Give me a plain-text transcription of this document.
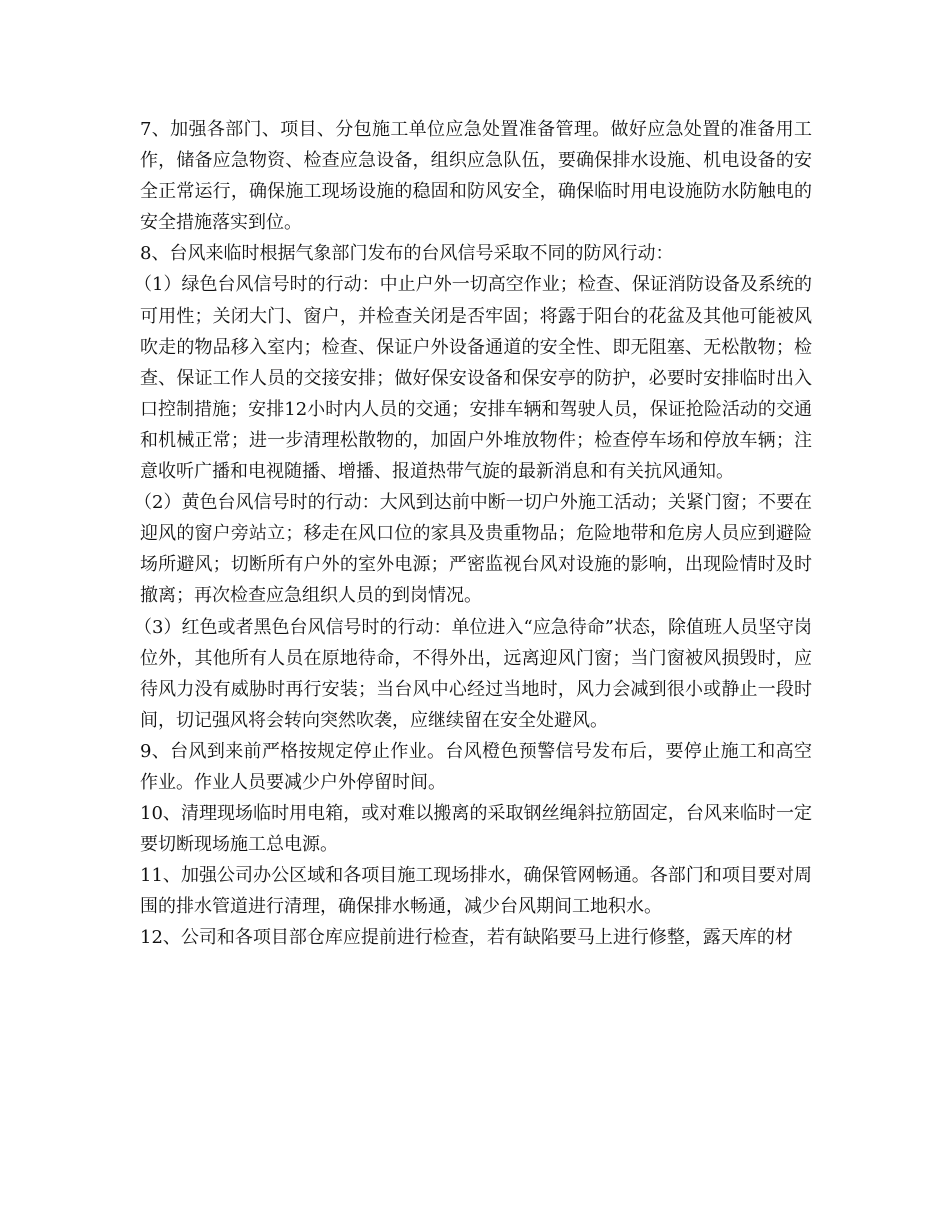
7、加强各部门、项目、分包施工单位应急处置准备管理。做好应急处置的准备用工作，储备应急物资、检查应急设备，组织应急队伍，要确保排水设施、机电设备的安全正常运行，确保施工现场设施的稳固和防风安全，确保临时用电设施防水防触电的安全措施落实到位。

8、台风来临时根据气象部门发布的台风信号采取不同的防风行动：

（1）绿色台风信号时的行动：中止户外一切高空作业；检查、保证消防设备及系统的可用性；关闭大门、窗户，并检查关闭是否牢固；将露于阳台的花盆及其他可能被风吹走的物品移入室内；检查、保证户外设备通道的安全性、即无阻塞、无松散物；检查、保证工作人员的交接安排；做好保安设备和保安亭的防护，必要时安排临时出入口控制措施；安排12小时内人员的交通；安排车辆和驾驶人员，保证抢险活动的交通和机械正常；进一步清理松散物的，加固户外堆放物件；检查停车场和停放车辆；注意收听广播和电视随播、增播、报道热带气旋的最新消息和有关抗风通知。

（2）黄色台风信号时的行动：大风到达前中断一切户外施工活动；关紧门窗；不要在 迎风的窗户旁站立；移走在风口位的家具及贵重物品；危险地带和危房人员应到避险场所避风；切断所有户外的室外电源；严密监视台风对设施的影响，出现险情时及时撤离；再次检查应急组织人员的到岗情况。

（3）红色或者黑色台风信号时的行动：单位进入“应急待命”状态，除值班人员坚守岗位外，其他所有人员在原地待命，不得外出，远离迎风门窗；当门窗被风损毁时，应待风力没有威胁时再行安装；当台风中心经过当地时，风力会减到很小或静止一段时间，切记强风将会转向突然吹袭，应继续留在安全处避风。

9、台风到来前严格按规定停止作业。台风橙色预警信号发布后，要停止施工和高空作业。作业人员要减少户外停留时间。

10、清理现场临时用电箱，或对难以搬离的采取钢丝绳斜拉筋固定，台风来临时一定要切断现场施工总电源。

11、加强公司办公区域和各项目施工现场排水，确保管网畅通。各部门和项目要对周围的排水管道进行清理，确保排水畅通，减少台风期间工地积水。

12、公司和各项目部仓库应提前进行检查，若有缺陷要马上进行修整，露天库的材
